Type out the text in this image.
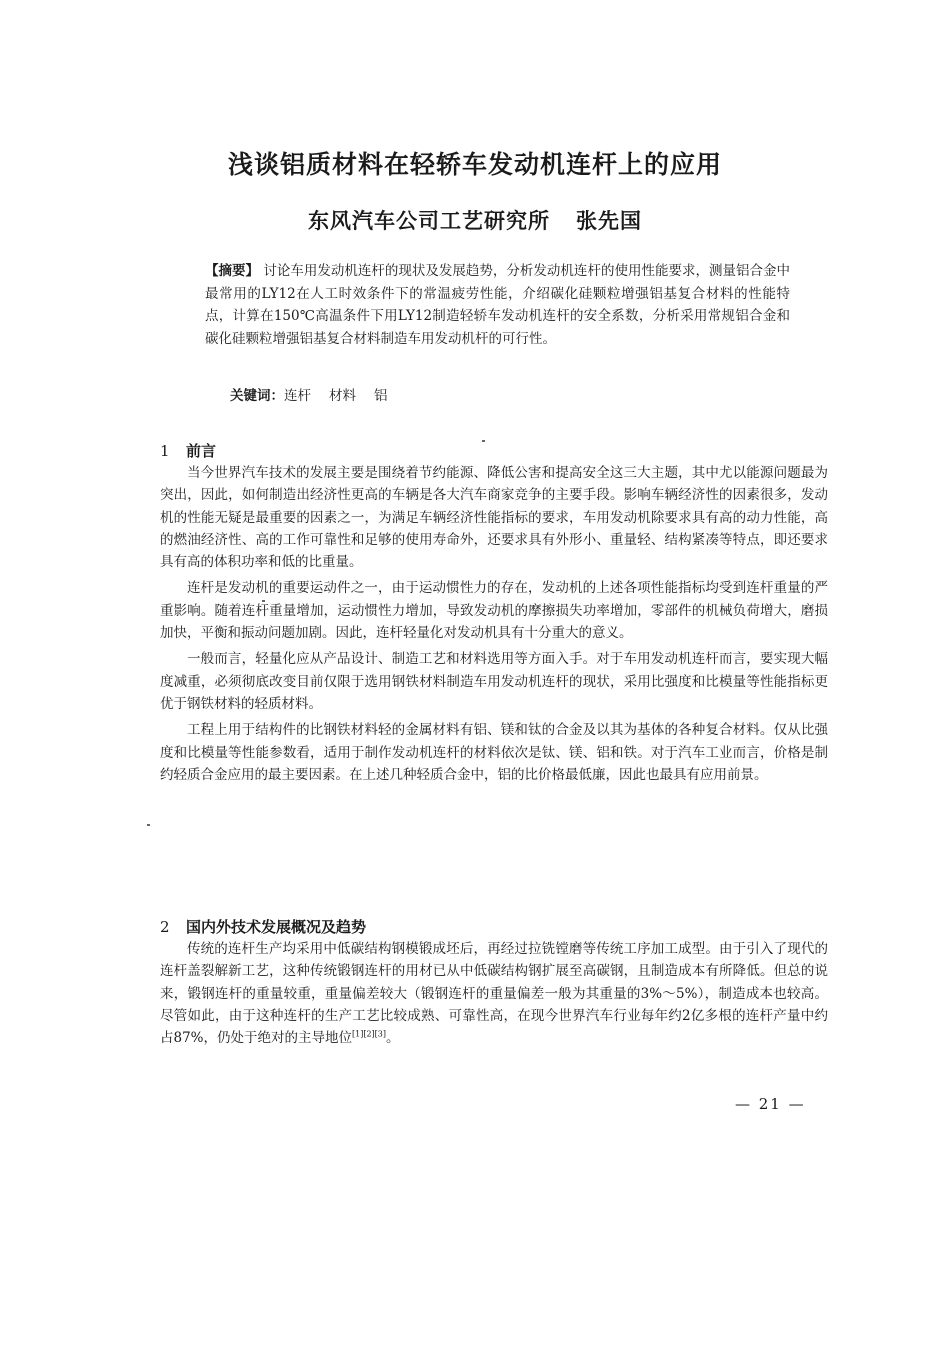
浅谈铝质材料在轻轿车发动机连杆上的应用
东风汽车公司工艺研究所 张先国
【摘要】 讨论车用发动机连杆的现状及发展趋势，分析发动机连杆的使用性能要求，测量铝合金中最常用的LY12在人工时效条件下的常温疲劳性能，介绍碳化硅颗粒增强铝基复合材料的性能特点，计算在150℃高温条件下用LY12制造轻轿车发动机连杆的安全系数，分析采用常规铝合金和碳化硅颗粒增强铝基复合材料制造车用发动机杆的可行性。
关键词：连杆 材料 铝
1 前言

当今世界汽车技术的发展主要是围绕着节约能源、降低公害和提高安全这三大主题，其中尤以能源问题最为突出，因此，如何制造出经济性更高的车辆是各大汽车商家竞争的主要手段。影响车辆经济性的因素很多，发动机的性能无疑是最重要的因素之一，为满足车辆经济性能指标的要求，车用发动机除要求具有高的动力性能，高的燃油经济性、高的工作可靠性和足够的使用寿命外，还要求具有外形小、重量轻、结构紧凑等特点，即还要求具有高的体积功率和低的比重量。

连杆是发动机的重要运动件之一，由于运动惯性力的存在，发动机的上述各项性能指标均受到连杆重量的严重影响。随着连杆重量增加，运动惯性力增加，导致发动机的摩擦损失功率增加，零部件的机械负荷增大，磨损加快，平衡和振动问题加剧。因此，连杆轻量化对发动机具有十分重大的意义。

一般而言，轻量化应从产品设计、制造工艺和材料选用等方面入手。对于车用发动机连杆而言，要实现大幅度减重，必须彻底改变目前仅限于选用钢铁材料制造车用发动机连杆的现状，采用比强度和比模量等性能指标更优于钢铁材料的轻质材料。

工程上用于结构件的比钢铁材料轻的金属材料有铝、镁和钛的合金及以其为基体的各种复合材料。仅从比强度和比模量等性能参数看，适用于制作发动机连杆的材料依次是钛、镁、铝和铁。对于汽车工业而言，价格是制约轻质合金应用的最主要因素。在上述几种轻质合金中，铝的比价格最低廉，因此也最具有应用前景。

2 国内外技术发展概况及趋势

传统的连杆生产均采用中低碳结构钢模锻成坯后，再经过拉铣镗磨等传统工序加工成型。由于引入了现代的连杆盖裂解新工艺，这种传统锻钢连杆的用材已从中低碳结构钢扩展至高碳钢，且制造成本有所降低。但总的说来，锻钢连杆的重量较重，重量偏差较大（锻钢连杆的重量偏差一般为其重量的3%～5%），制造成本也较高。尽管如此，由于这种连杆的生产工艺比较成熟、可靠性高，在现今世界汽车行业每年约2亿多根的连杆产量中约占87%，仍处于绝对的主导地位[1][2][3]。

— 21 —
